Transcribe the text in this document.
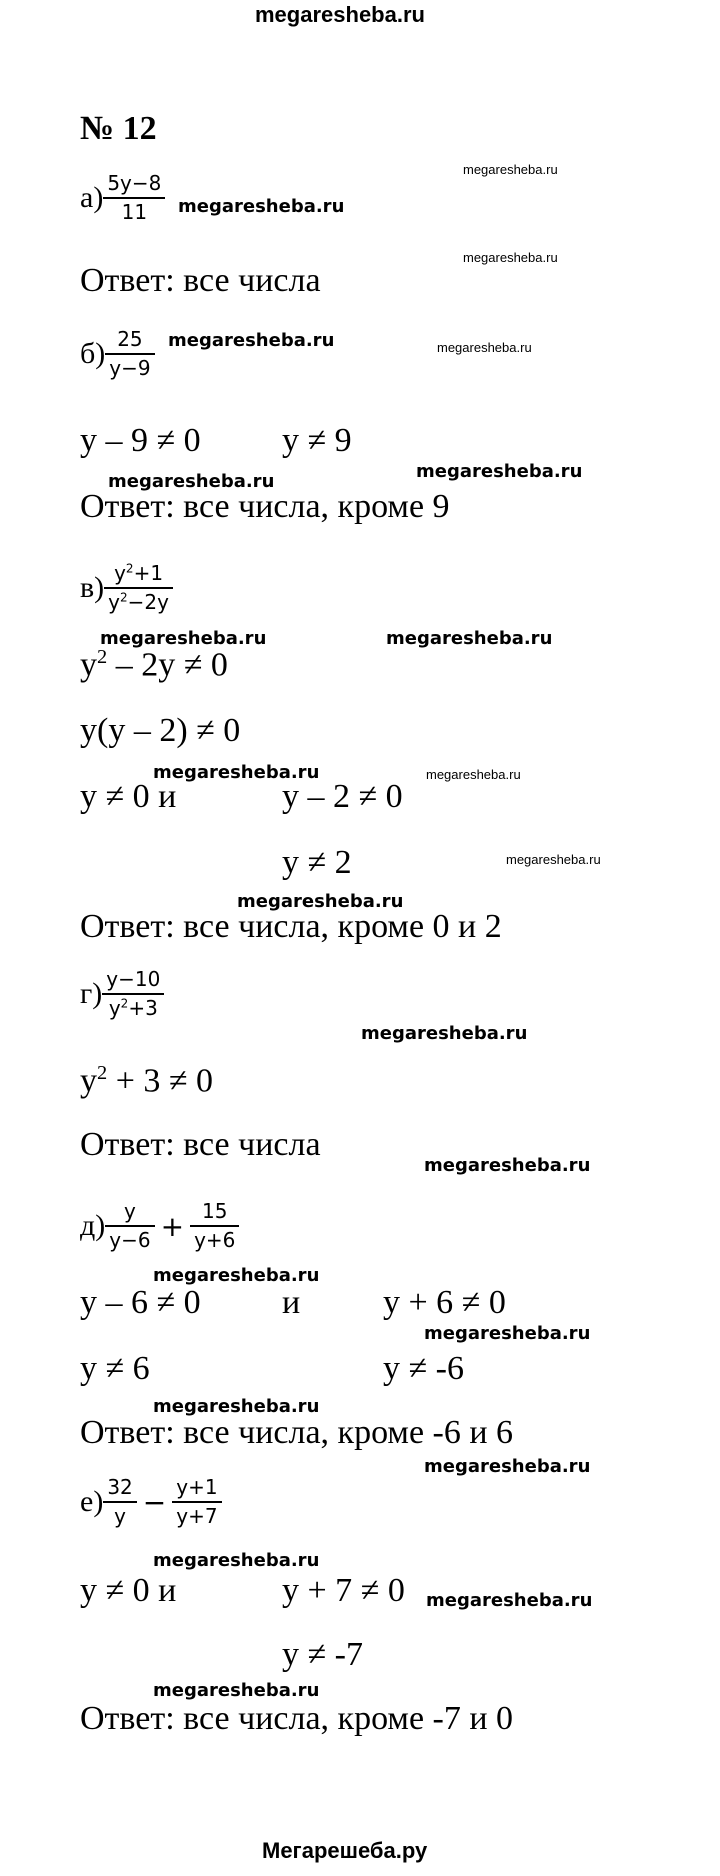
megaresheba.ru
№ 12
$а) \frac{5y-8}{11}$
Ответ: все числа
$б) \frac{25}{y-9}$
y – 9 ≠ 0 y ≠ 9
Ответ: все числа, кроме 9
$в) \frac{y^2+1}{y^2-2y}$
$y^2 - 2y \ne 0$
y(y – 2) ≠ 0
y ≠ 0 и	y – 2 ≠ 0
y ≠ 2
Ответ: все числа, кроме 0 и 2
$г) \frac{y-10}{y^2+3}$
$y^2 + 3 \ne 0$
Ответ: все числа
$д) \frac{y}{y-6} + \frac{15}{y+6}$
y – 6 ≠ 0 и y + 6 ≠ 0
y ≠ 6	y ≠ -6
Ответ: все числа, кроме -6 и 6
$е) \frac{32}{y} - \frac{y+1}{y+7}$
y ≠ 0 и	y + 7 ≠ 0
y ≠ -7
Ответ: все числа, кроме -7 и 0
megaresheba.ru
megaresheba.ru
megaresheba.ru
megaresheba.ru	megaresheba.ru
megaresheba.ru	megaresheba.ru
megaresheba.ru	megaresheba.ru
megaresheba.ru	megaresheba.ru
megaresheba.ru
megaresheba.ru
megaresheba.ru
megaresheba.ru
megaresheba.ru
megaresheba.ru
megaresheba.ru
megaresheba.ru
megaresheba.ru
megaresheba.ru
megaresheba.ru
Мегарешеба.ру
